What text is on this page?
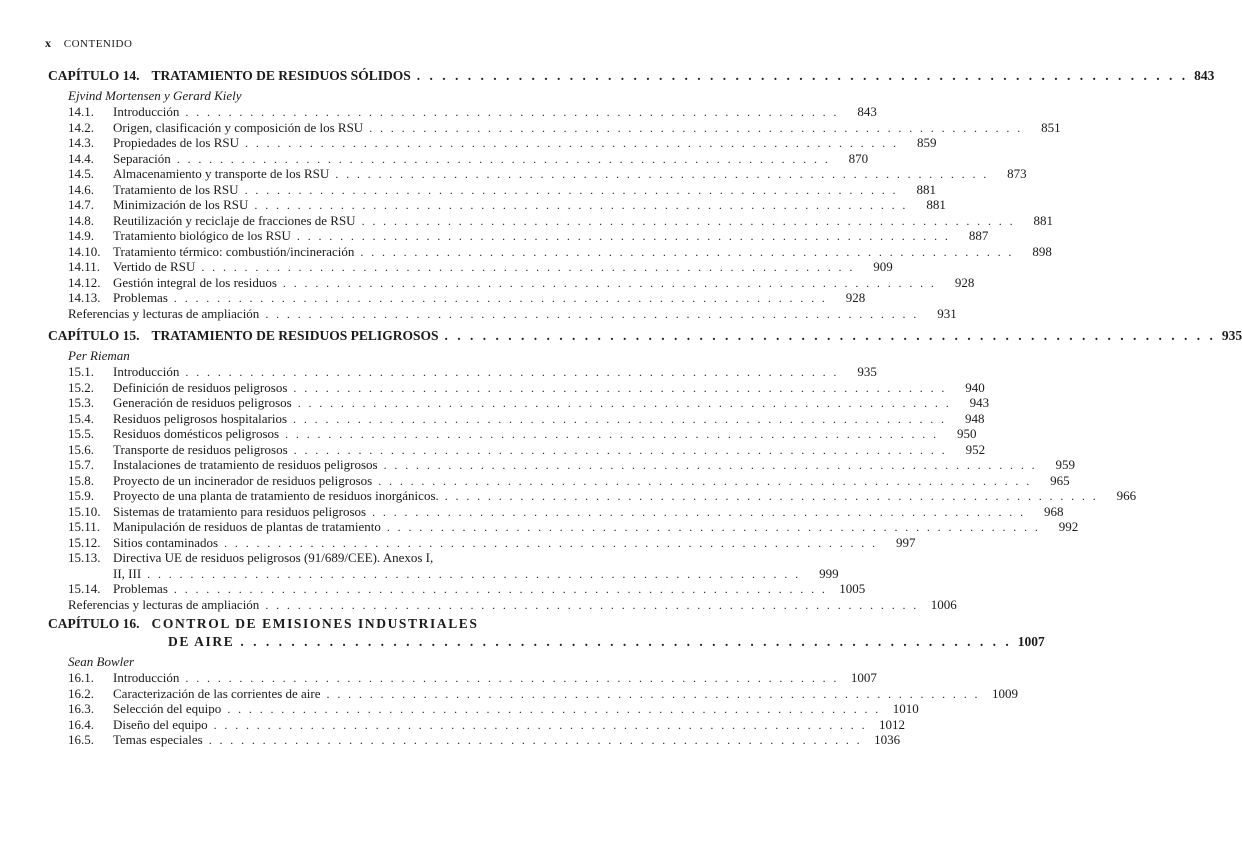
x CONTENIDO
CAPÍTULO 14. TRATAMIENTO DE RESIDUOS SÓLIDOS . . . . . . . . . . . . . . . . . . . . . . . . . . . . . . . . . . . . . . . . . . . . . . . . . . . . . . . . . . . . . 843
Ejvind Mortensen y Gerard Kiely
14.1.	Introducción . . . . . . . . . . . . . . . . . . . . . . . . . . . . . . . . . . . . . . . . . . . . . . . . . . . . . . . . . . . . .	843
14.2.	Origen, clasificación y composición de los RSU . . . . . . . . . . . . . . . . . . . . . . . . . . . . . . . . . . . . . . . . . . . . . . . . . . . . . . . . . . . . .	851
14.3.	Propiedades de los RSU . . . . . . . . . . . . . . . . . . . . . . . . . . . . . . . . . . . . . . . . . . . . . . . . . . . . . . . . . . . . .	859
14.4.	Separación . . . . . . . . . . . . . . . . . . . . . . . . . . . . . . . . . . . . . . . . . . . . . . . . . . . . . . . . . . . . .	870
14.5.	Almacenamiento y transporte de los RSU . . . . . . . . . . . . . . . . . . . . . . . . . . . . . . . . . . . . . . . . . . . . . . . . . . . . . . . . . . . . .	873
14.6.	Tratamiento de los RSU . . . . . . . . . . . . . . . . . . . . . . . . . . . . . . . . . . . . . . . . . . . . . . . . . . . . . . . . . . . . .	881
14.7.	Minimización de los RSU . . . . . . . . . . . . . . . . . . . . . . . . . . . . . . . . . . . . . . . . . . . . . . . . . . . . . . . . . . . . .	881
14.8.	Reutilización y reciclaje de fracciones de RSU . . . . . . . . . . . . . . . . . . . . . . . . . . . . . . . . . . . . . . . . . . . . . . . . . . . . . . . . . . . . .	881
14.9.	Tratamiento biológico de los RSU . . . . . . . . . . . . . . . . . . . . . . . . . . . . . . . . . . . . . . . . . . . . . . . . . . . . . . . . . . . . .	887
14.10. Tratamiento térmico: combustión/incineración . . . . . . . . . . . . . . . . . . . . . . . . . . . . . . . . . . . . . . . . . . . . . . . . . . . . . . . . . . . . .	898
14.11. Vertido de RSU . . . . . . . . . . . . . . . . . . . . . . . . . . . . . . . . . . . . . . . . . . . . . . . . . . . . . . . . . . . . .	909
14.12. Gestión integral de los residuos . . . . . . . . . . . . . . . . . . . . . . . . . . . . . . . . . . . . . . . . . . . . . . . . . . . . . . . . . . . . .	928
14.13. Problemas . . . . . . . . . . . . . . . . . . . . . . . . . . . . . . . . . . . . . . . . . . . . . . . . . . . . . . . . . . . . .	928
Referencias y lecturas de ampliación . . . . . . . . . . . . . . . . . . . . . . . . . . . . . . . . . . . . . . . . . . . . . . . . . . . . . . . . . . . . .	931
CAPÍTULO 15. TRATAMIENTO DE RESIDUOS PELIGROSOS . . . . . . . . . . . . . . . . . . . . . . . . . . . . . . . . . . . . . . . . . . . . . . . . . . . . . . . . . . . . . 935
Per Rieman
15.1.	Introducción . . . . . . . . . . . . . . . . . . . . . . . . . . . . . . . . . . . . . . . . . . . . . . . . . . . . . . . . . . . . .	935
15.2.	Definición de residuos peligrosos . . . . . . . . . . . . . . . . . . . . . . . . . . . . . . . . . . . . . . . . . . . . . . . . . . . . . . . . . . . . .	940
15.3.	Generación de residuos peligrosos . . . . . . . . . . . . . . . . . . . . . . . . . . . . . . . . . . . . . . . . . . . . . . . . . . . . . . . . . . . . .	943
15.4.	Residuos peligrosos hospitalarios . . . . . . . . . . . . . . . . . . . . . . . . . . . . . . . . . . . . . . . . . . . . . . . . . . . . . . . . . . . . .	948
15.5.	Residuos domésticos peligrosos . . . . . . . . . . . . . . . . . . . . . . . . . . . . . . . . . . . . . . . . . . . . . . . . . . . . . . . . . . . . .	950
15.6.	Transporte de residuos peligrosos . . . . . . . . . . . . . . . . . . . . . . . . . . . . . . . . . . . . . . . . . . . . . . . . . . . . . . . . . . . . .	952
15.7.	Instalaciones de tratamiento de residuos peligrosos . . . . . . . . . . . . . . . . . . . . . . . . . . . . . . . . . . . . . . . . . . . . . . . . . . . . . . . . . . . . .	959
15.8.	Proyecto de un incinerador de residuos peligrosos . . . . . . . . . . . . . . . . . . . . . . . . . . . . . . . . . . . . . . . . . . . . . . . . . . . . . . . . . . . . .	965
15.9.	Proyecto de una planta de tratamiento de residuos inorgánicos. . . . . . . . . . . . . . . . . . . . . . . . . . . . . . . . . . . . . . . . . . . . . . . . . . . . . . . . . . . . . .	966
15.10. Sistemas de tratamiento para residuos peligrosos . . . . . . . . . . . . . . . . . . . . . . . . . . . . . . . . . . . . . . . . . . . . . . . . . . . . . . . . . . . . .	968
15.11. Manipulación de residuos de plantas de tratamiento . . . . . . . . . . . . . . . . . . . . . . . . . . . . . . . . . . . . . . . . . . . . . . . . . . . . . . . . . . . . .	992
15.12. Sitios contaminados . . . . . . . . . . . . . . . . . . . . . . . . . . . . . . . . . . . . . . . . . . . . . . . . . . . . . . . . . . . . .	997
15.13. Directiva UE de residuos peligrosos (91/689/CEE). Anexos I,
II, III . . . . . . . . . . . . . . . . . . . . . . . . . . . . . . . . . . . . . . . . . . . . . . . . . . . . . . . . . . . . .	999
15.14. Problemas . . . . . . . . . . . . . . . . . . . . . . . . . . . . . . . . . . . . . . . . . . . . . . . . . . . . . . . . . . . . . 1005
Referencias y lecturas de ampliación . . . . . . . . . . . . . . . . . . . . . . . . . . . . . . . . . . . . . . . . . . . . . . . . . . . . . . . . . . . . . 1006
CAPÍTULO 16. CONTROL DE EMISIONES INDUSTRIALES
DE AIRE . . . . . . . . . . . . . . . . . . . . . . . . . . . . . . . . . . . . . . . . . . . . . . . . . . . . . . . . . . . . . 1007
Sean Bowler
16.1.	Introducción . . . . . . . . . . . . . . . . . . . . . . . . . . . . . . . . . . . . . . . . . . . . . . . . . . . . . . . . . . . . . 1007
16.2.	Caracterización de las corrientes de aire . . . . . . . . . . . . . . . . . . . . . . . . . . . . . . . . . . . . . . . . . . . . . . . . . . . . . . . . . . . . . 1009
16.3.	Selección del equipo . . . . . . . . . . . . . . . . . . . . . . . . . . . . . . . . . . . . . . . . . . . . . . . . . . . . . . . . . . . . . 1010
16.4.	Diseño del equipo . . . . . . . . . . . . . . . . . . . . . . . . . . . . . . . . . . . . . . . . . . . . . . . . . . . . . . . . . . . . . 1012
16.5.	Temas especiales . . . . . . . . . . . . . . . . . . . . . . . . . . . . . . . . . . . . . . . . . . . . . . . . . . . . . . . . . . . . . 1036
